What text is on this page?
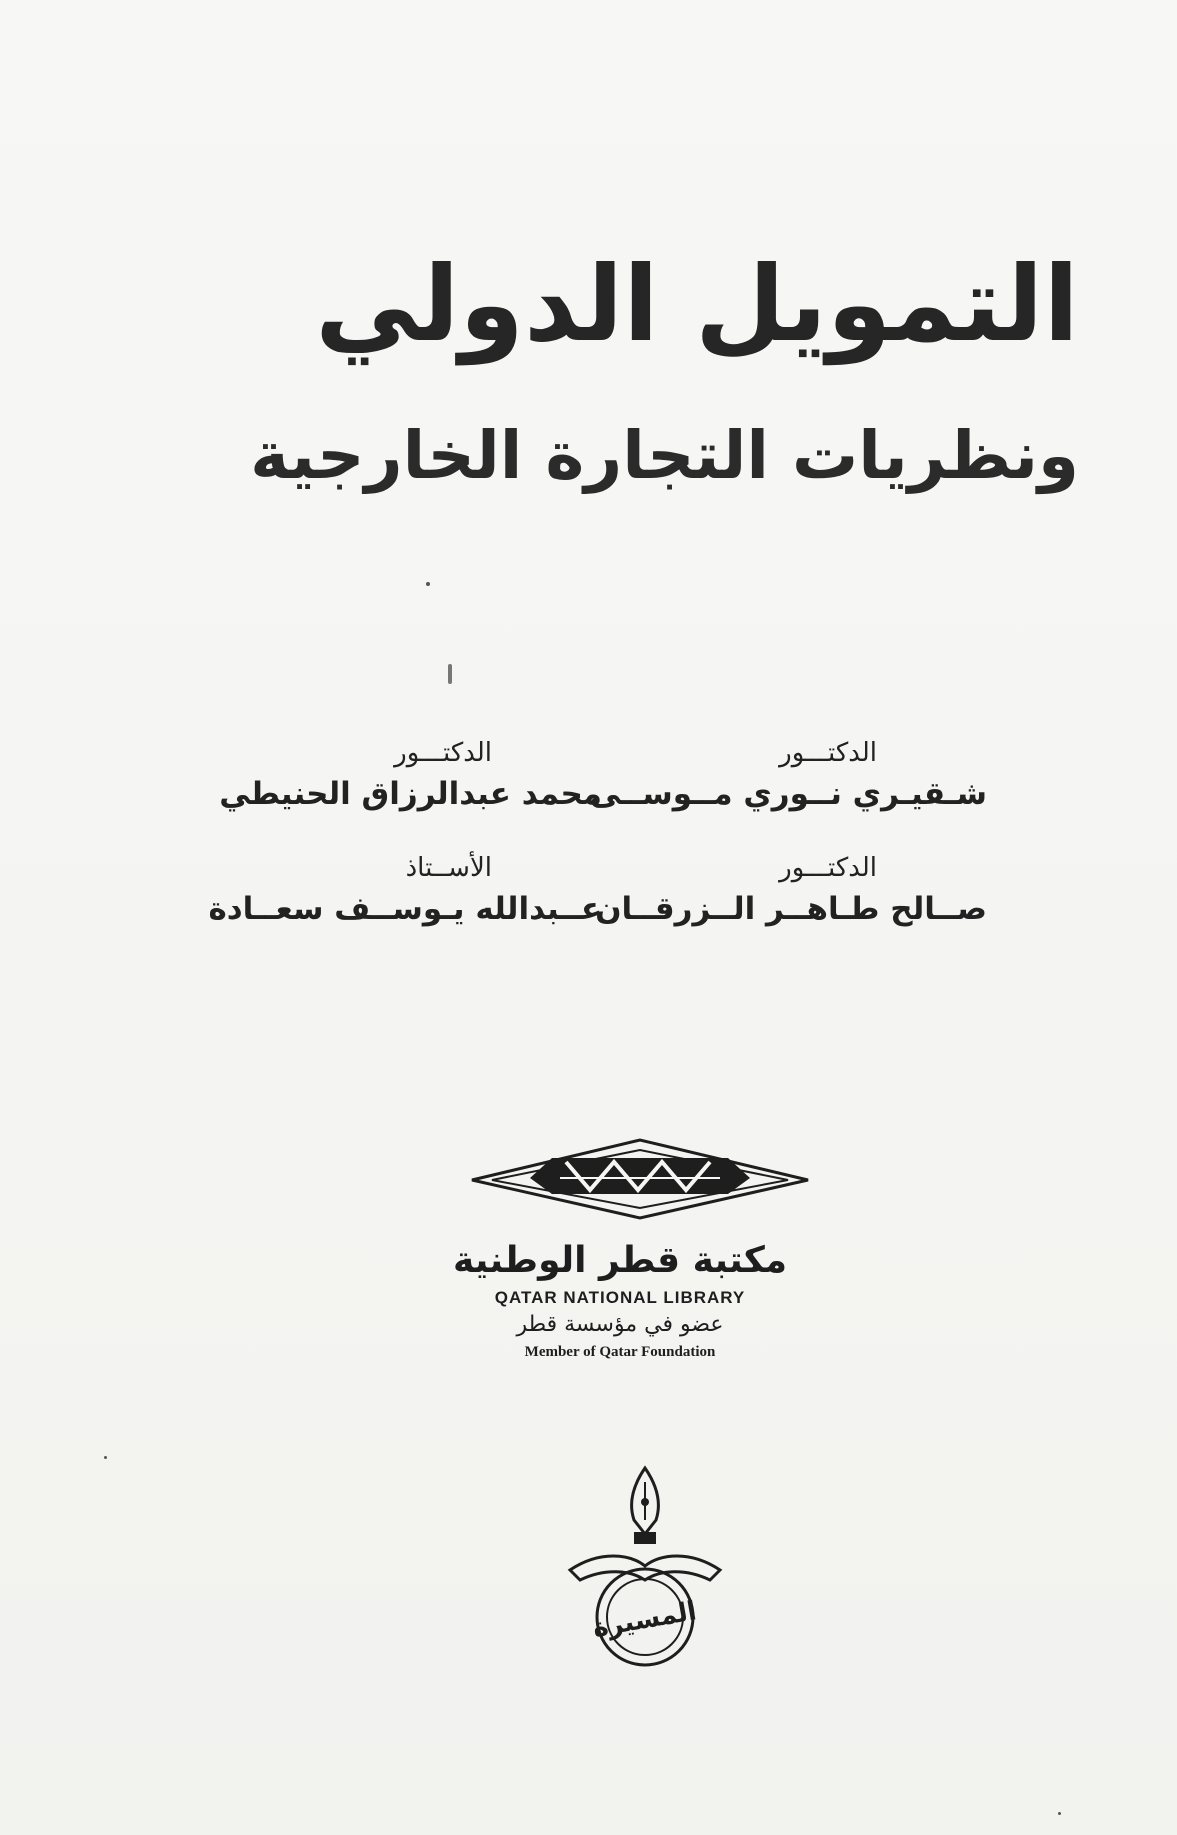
التمويل الدولي
ونظريات التجارة الخارجية
الدكتـــور
شـقيـري نــوري مــوســى
الدكتـــور
محمد عبدالرزاق الحنيطي
الدكتـــور
صــالح طـاهــر الــزرقــان
الأســتاذ
عــبدالله يـوســف سعــادة
مكتبة قطر الوطنية
QATAR NATIONAL LIBRARY
عضو في مؤسسة قطر
Member of Qatar Foundation
المسيرة
